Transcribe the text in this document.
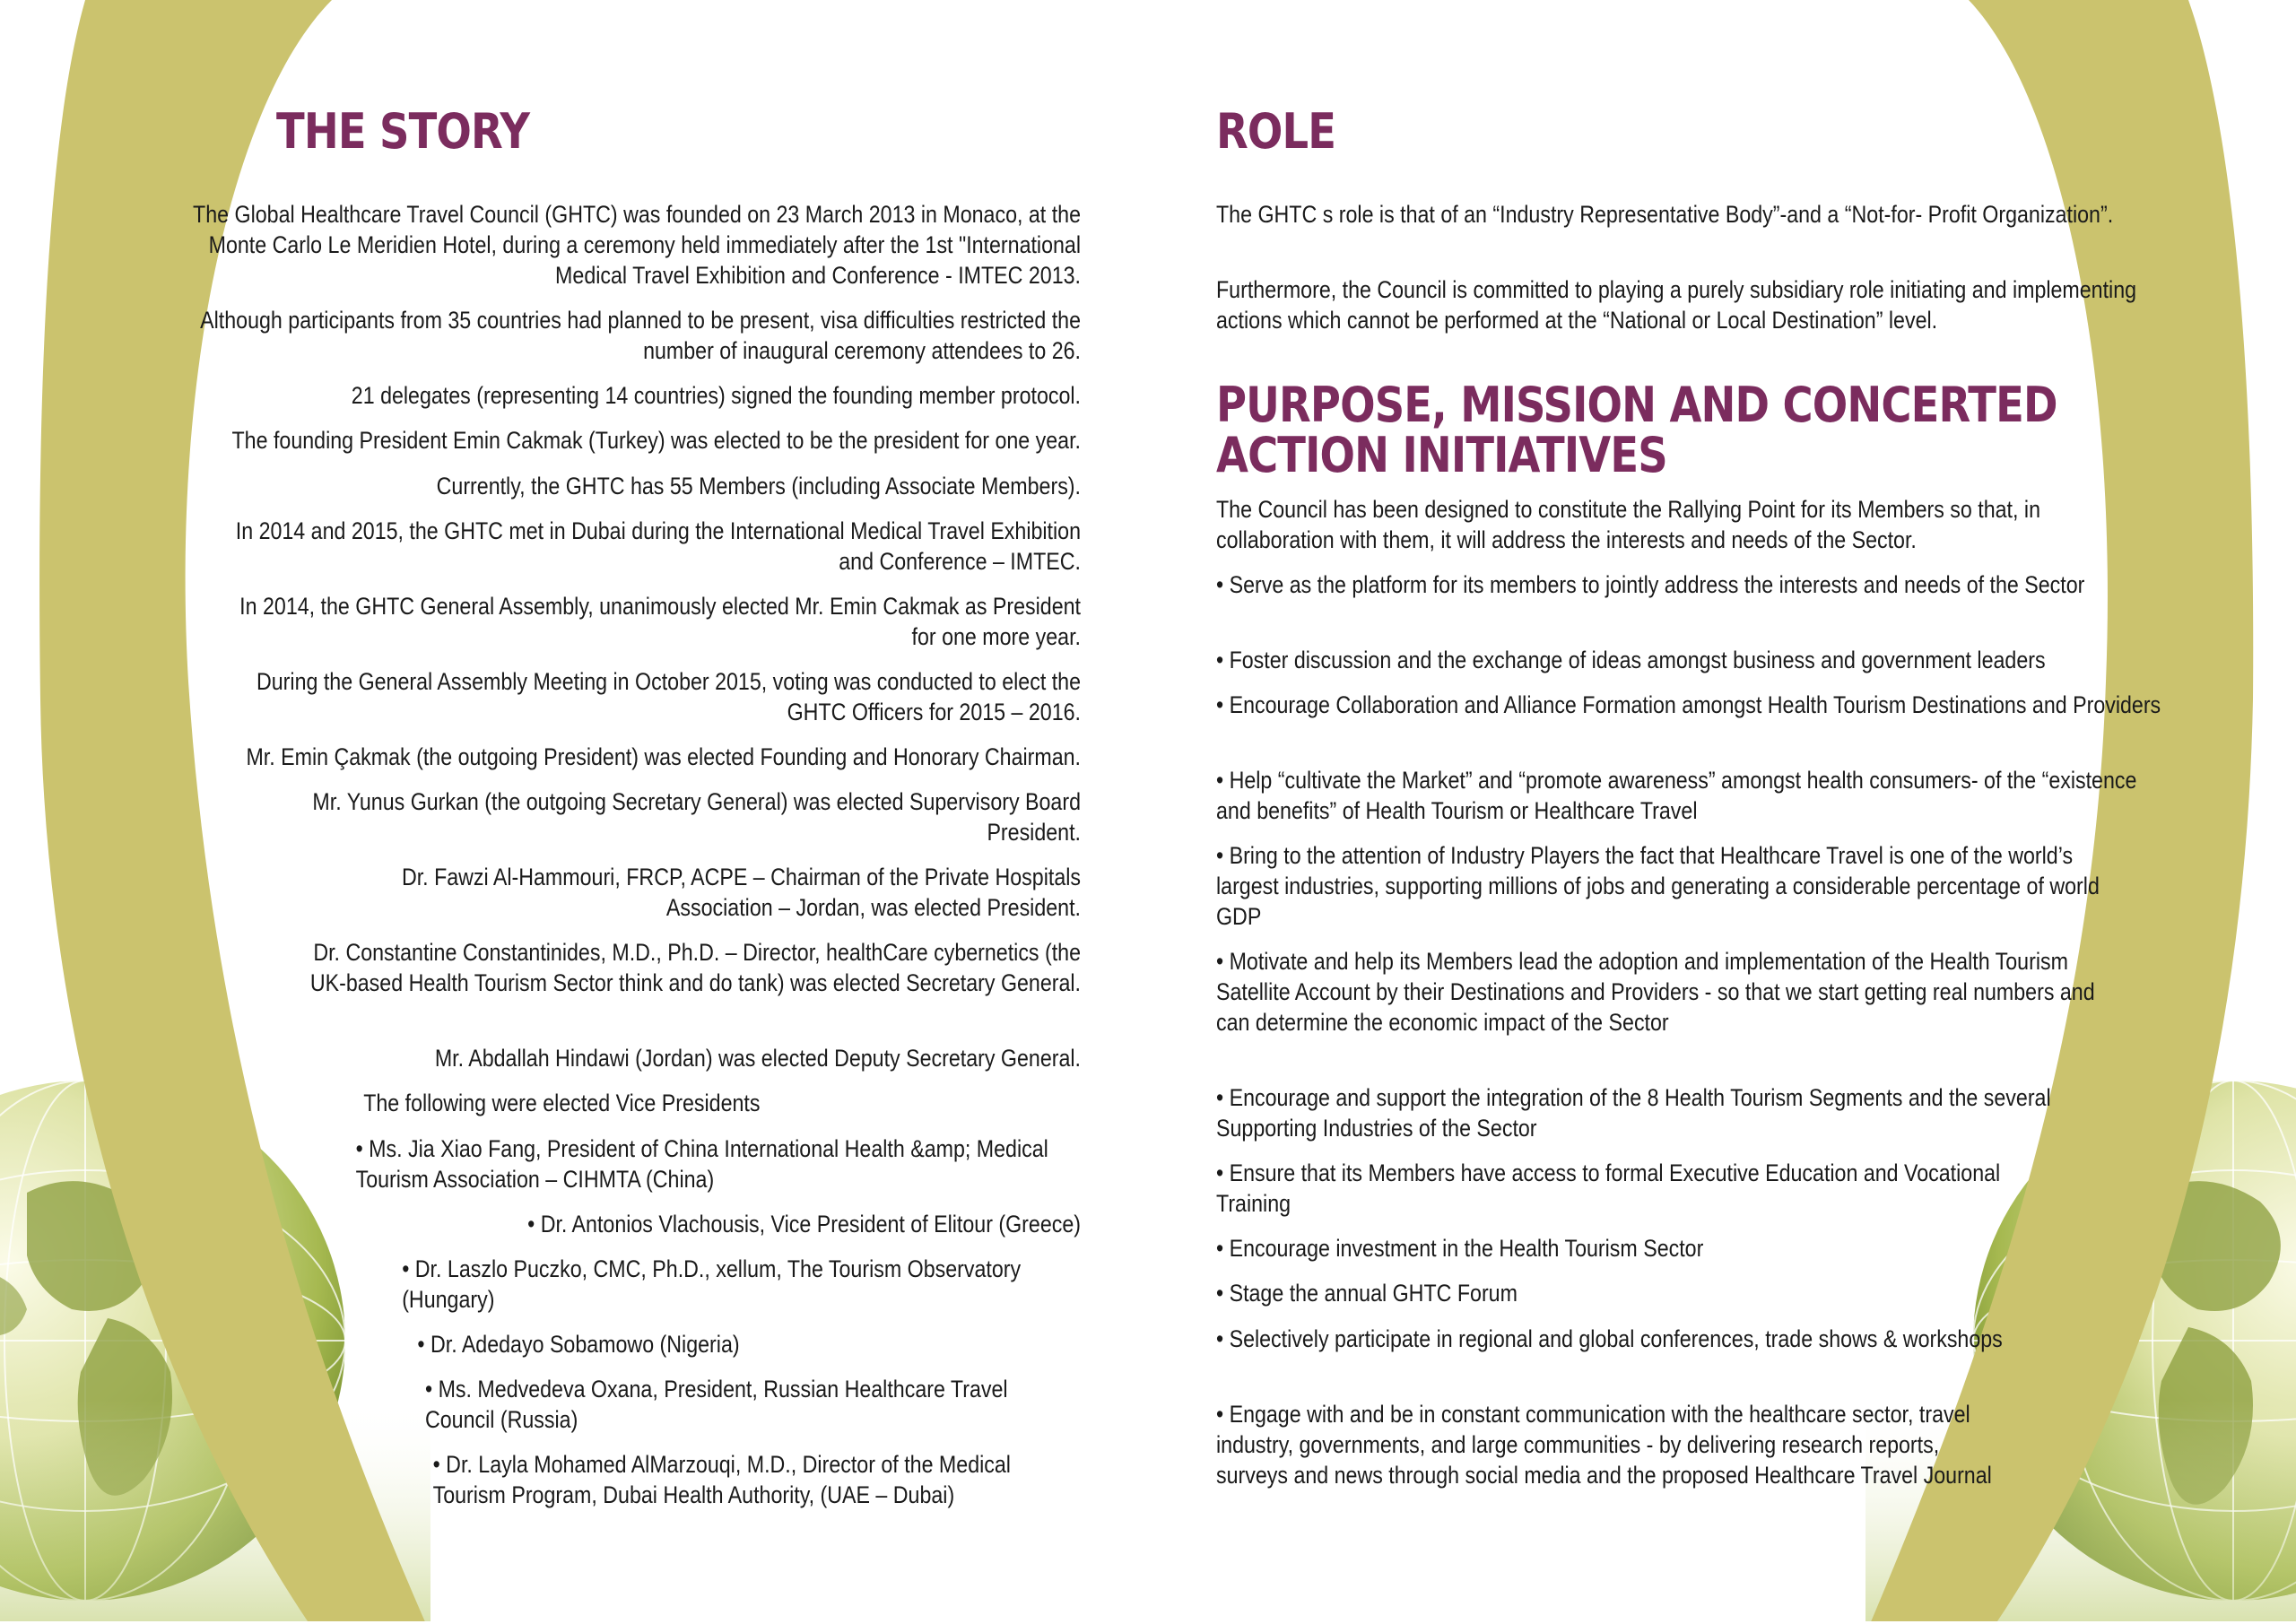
THE STORY

The Global Healthcare Travel Council (GHTC) was founded on 23 March 2013 in Monaco, at the Monte Carlo Le Meridien Hotel, during a ceremony held immediately after the 1st "International Medical Travel Exhibition and Conference - IMTEC 2013.

Although participants from 35 countries had planned to be present, visa difficulties restricted the number of inaugural ceremony attendees to 26.

21 delegates (representing 14 countries) signed the founding member protocol.

The founding President Emin Cakmak (Turkey) was elected to be the president for one year.

Currently, the GHTC has 55 Members (including Associate Members).

In 2014 and 2015, the GHTC met in Dubai during the International Medical Travel Exhibition and Conference – IMTEC.

In 2014, the GHTC General Assembly, unanimously elected Mr. Emin Cakmak as President for one more year.

During the General Assembly Meeting in October 2015, voting was conducted to elect the GHTC Officers for 2015 – 2016.

Mr. Emin Çakmak (the outgoing President) was elected Founding and Honorary Chairman.

Mr. Yunus Gurkan (the outgoing Secretary General) was elected Supervisory Board President.

Dr. Fawzi Al-Hammouri, FRCP, ACPE – Chairman of the Private Hospitals Association – Jordan, was elected President.

Dr. Constantine Constantinides, M.D., Ph.D. – Director, healthCare cybernetics (the UK-based Health Tourism Sector think and do tank) was elected Secretary General.

Mr. Abdallah Hindawi (Jordan) was elected Deputy Secretary General.

The following were elected Vice Presidents

• Ms. Jia Xiao Fang, President of China International Health &amp; Medical Tourism Association – CIHMTA (China)

• Dr. Antonios Vlachousis, Vice President of Elitour (Greece)

• Dr. Laszlo Puczko, CMC, Ph.D., xellum, The Tourism Observatory (Hungary)

• Dr. Adedayo Sobamowo (Nigeria)

• Ms. Medvedeva Oxana, President, Russian Healthcare Travel Council (Russia)

• Dr. Layla Mohamed AlMarzouqi, M.D., Director of the Medical Tourism Program, Dubai Health Authority, (UAE – Dubai)

ROLE

The GHTC s role is that of an “Industry Representative Body”-and a “Not-for- Profit Organization”.

Furthermore, the Council is committed to playing a purely subsidiary role initiating and implementing actions which cannot be performed at the “National or Local Destination” level.

PURPOSE, MISSION AND CONCERTED ACTION INITIATIVES

The Council has been designed to constitute the Rallying Point for its Members so that, in collaboration with them, it will address the interests and needs of the Sector.

• Serve as the platform for its members to jointly address the interests and needs of the Sector

• Foster discussion and the exchange of ideas amongst business and government leaders

• Encourage Collaboration and Alliance Formation amongst Health Tourism Destinations and Providers

• Help “cultivate the Market” and “promote awareness” amongst health consumers- of the “existence and benefits” of Health Tourism or Healthcare Travel

• Bring to the attention of Industry Players the fact that Healthcare Travel is one of the world’s largest industries, supporting millions of jobs and generating a considerable percentage of world GDP

• Motivate and help its Members lead the adoption and implementation of the Health Tourism Satellite Account by their Destinations and Providers - so that we start getting real numbers and can determine the economic impact of the Sector

• Encourage and support the integration of the 8 Health Tourism Segments and the several Supporting Industries of the Sector

• Ensure that its Members have access to formal Executive Education and Vocational Training

• Encourage investment in the Health Tourism Sector

• Stage the annual GHTC Forum

• Selectively participate in regional and global conferences, trade shows & workshops

• Engage with and be in constant communication with the healthcare sector, travel industry, governments, and large communities - by delivering research reports, surveys and news through social media and the proposed Healthcare Travel Journal
